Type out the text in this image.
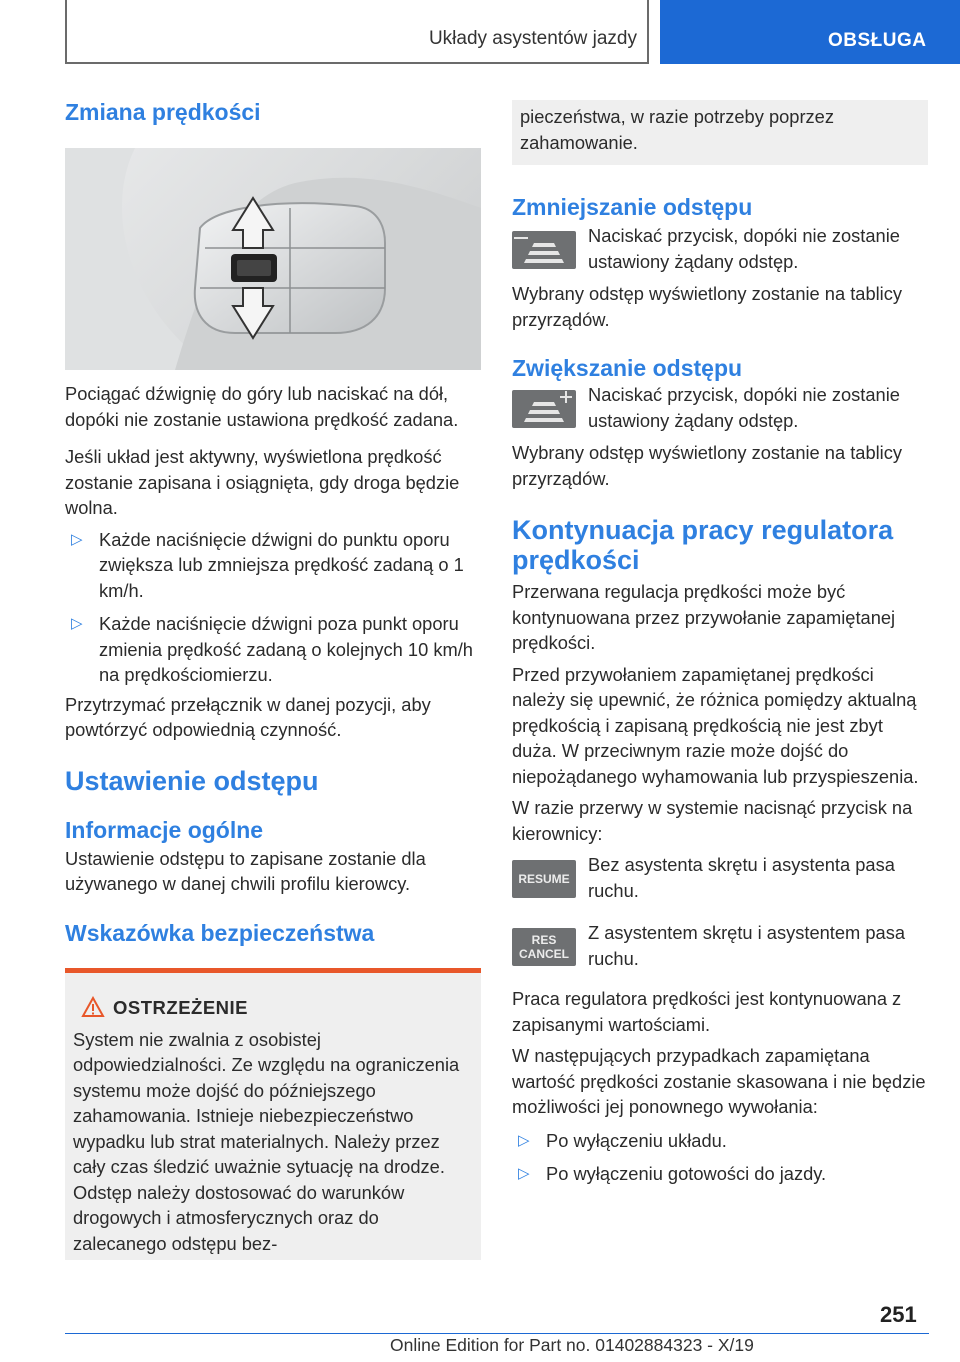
Układy asystentów jazdy	OBSŁUGA
Zmiana prędkości
Pociągać dźwignię do góry lub naciskać na dół, dopóki nie zostanie ustawiona prędkość zadana.
Jeśli układ jest aktywny, wyświetlona prędkość zostanie zapisana i osiągnięta, gdy droga będzie wolna.
▷ Każde naciśnięcie dźwigni do punktu oporu zwiększa lub zmniejsza prędkość zadaną o 1 km/h.
▷ Każde naciśnięcie dźwigni poza punkt oporu zmienia prędkość zadaną o kolejnych 10 km/h na prędkościomierzu.
Przytrzymać przełącznik w danej pozycji, aby powtórzyć odpowiednią czynność.
Ustawienie odstępu
Informacje ogólne
Ustawienie odstępu to zapisane zostanie dla używanego w danej chwili profilu kierowcy.
Wskazówka bezpieczeństwa
OSTRZEŻENIE
System nie zwalnia z osobistej odpowiedzialności. Ze względu na ograniczenia systemu może dojść do późniejszego zahamowania. Istnieje niebezpieczeństwo wypadku lub strat materialnych. Należy przez cały czas śledzić uważnie sytuację na drodze. Odstęp należy dostosować do warunków drogowych i atmosferycznych oraz do zalecanego odstępu bez-
pieczeństwa, w razie potrzeby poprzez zahamowanie.
Zmniejszanie odstępu
Naciskać przycisk, dopóki nie zostanie ustawiony żądany odstęp.
Wybrany odstęp wyświetlony zostanie na tablicy przyrządów.
Zwiększanie odstępu
Naciskać przycisk, dopóki nie zostanie ustawiony żądany odstęp.
Wybrany odstęp wyświetlony zostanie na tablicy przyrządów.
Kontynuacja pracy regulatora prędkości
Przerwana regulacja prędkości może być kontynuowana przez przywołanie zapamiętanej prędkości.
Przed przywołaniem zapamiętanej prędkości należy się upewnić, że różnica pomiędzy aktualną prędkością i zapisaną prędkością nie jest zbyt duża. W przeciwnym razie może dojść do niepożądanego wyhamowania lub przyspieszenia.
W razie przerwy w systemie nacisnąć przycisk na kierownicy:
RESUME
Bez asystenta skrętu i asystenta pasa ruchu.
RES
CANCEL
Z asystentem skrętu i asystentem pasa ruchu.
Praca regulatora prędkości jest kontynuowana z zapisanymi wartościami.
W następujących przypadkach zapamiętana wartość prędkości zostanie skasowana i nie będzie możliwości jej ponownego wywołania:
▷ Po wyłączeniu układu.
▷ Po wyłączeniu gotowości do jazdy.
251
Online Edition for Part no. 01402884323 - X/19
